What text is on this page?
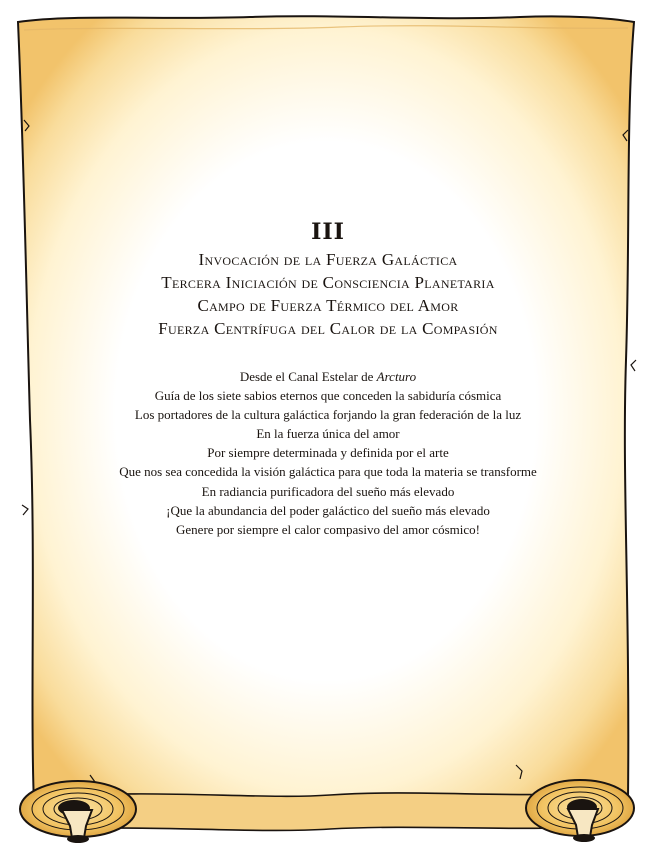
III

Invocación de la Fuerza Galáctica

Tercera Iniciación de Consciencia Planetaria

Campo de Fuerza Térmico del Amor

Fuerza Centrífuga del Calor de la Compasión

Desde el Canal Estelar de Arcturo

Guía de los siete sabios eternos que conceden la sabiduría cósmica

Los portadores de la cultura galáctica forjando la gran federación de la luz

En la fuerza única del amor

Por siempre determinada y definida por el arte

Que nos sea concedida la visión galáctica para que toda la materia se transforme

En radiancia purificadora del sueño más elevado

¡Que la abundancia del poder galáctico del sueño más elevado

Genere por siempre el calor compasivo del amor cósmico!
